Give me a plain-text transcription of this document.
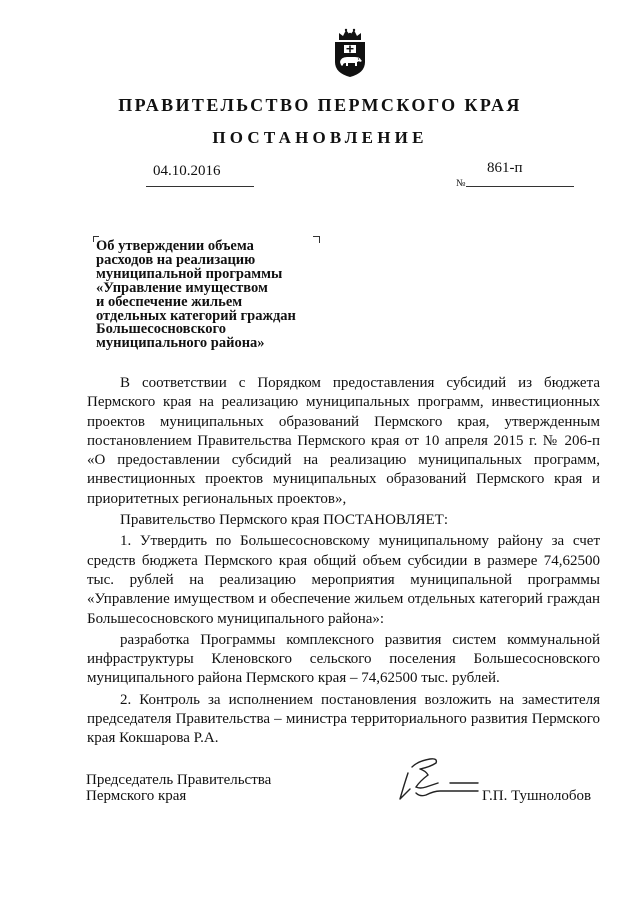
ПРАВИТЕЛЬСТВО ПЕРМСКОГО КРАЯ
ПОСТАНОВЛЕНИЕ
04.10.2016
№
861-п
Об утверждении объема
расходов на реализацию
муниципальной программы
«Управление имуществом
и обеспечение жильем
отдельных категорий граждан
Большесосновского
муниципального района»

В соответствии с Порядком предоставления субсидий из бюджета Пермского края на реализацию муниципальных программ, инвестиционных проектов муниципальных образований Пермского края, утвержденным постановлением Правительства Пермского края от 10 апреля 2015 г. № 206-п «О предоставлении субсидий на реализацию муниципальных программ, инвестиционных проектов муниципальных образований Пермского края и приоритетных региональных проектов»,

Правительство Пермского края ПОСТАНОВЛЯЕТ:

1. Утвердить по Большесосновскому муниципальному району за счет средств бюджета Пермского края общий объем субсидии в размере 74,62500 тыс. рублей на реализацию мероприятия муниципальной программы «Управление имуществом и обеспечение жильем отдельных категорий граждан Большесосновского муниципального района»:

разработка Программы комплексного развития систем коммунальной инфраструктуры Кленовского сельского поселения Большесосновского муниципального района Пермского края – 74,62500 тыс. рублей.

2. Контроль за исполнением постановления возложить на заместителя председателя Правительства – министра территориального развития Пермского края Кокшарова Р.А.

Председатель Правительства
Пермского края	Г.П. Тушнолобов
